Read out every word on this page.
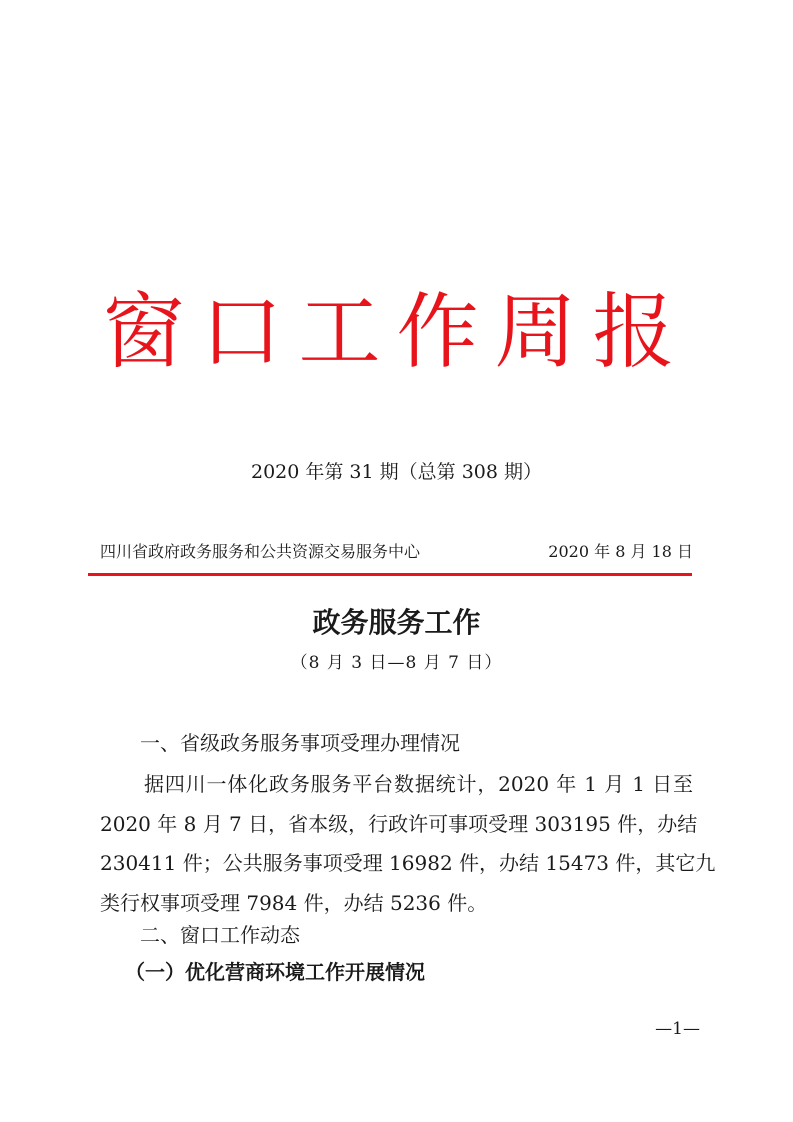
窗口工作周报
2020 年第 31 期（总第 308 期）
四川省政府政务服务和公共资源交易服务中心	2020 年 8 月 18 日
政务服务工作
（8 月 3 日—8 月 7 日）
一、省级政务服务事项受理办理情况
据四川一体化政务服务平台数据统计，2020 年 1 月 1 日至
2020 年 8 月 7 日，省本级，行政许可事项受理 303195 件，办结
230411 件；公共服务事项受理 16982 件，办结 15473 件，其它九
类行权事项受理 7984 件，办结 5236 件。
二、窗口工作动态
（一）优化营商环境工作开展情况
—1—
